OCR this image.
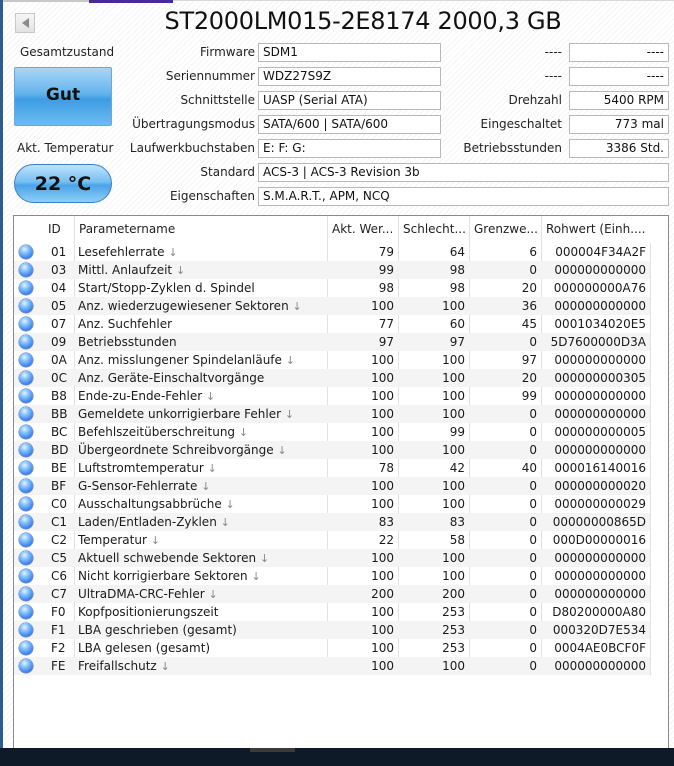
ST2000LM015-2E8174 2000,3 GB
Gesamtzustand
Gut
Akt. Temperatur
22 °C
Firmware SDM1
Seriennummer WDZ27S9Z
Schnittstelle UASP (Serial ATA)
Übertragungsmodus SATA/600 | SATA/600
Laufwerkbuchstaben E: F: G:
Standard ACS-3 | ACS-3 Revision 3b
Eigenschaften S.M.A.R.T., APM, NCQ
----	----
----	----
Drehzahl	5400 RPM
Eingeschaltet	773 mal
Betriebsstunden	3386 Std.
ID	Parametername	Akt. Wer... Schlecht... Grenzwe... Rohwert (Einh....
01 Lesefehlerrate ↓	79	64	6	000004F34A2F
03 Mittl. Anlaufzeit ↓	99	98	0	000000000000
04 Start/Stopp-Zyklen d. Spindel	98	98	20	000000000A76
05 Anz. wiederzugewiesener Sektoren ↓	100	100	36	000000000000
07 Anz. Suchfehler	77	60	45	0001034020E5
09 Betriebsstunden	97	97	0	5D7600000D3A
0A Anz. misslungener Spindelanläufe ↓	100	100	97	000000000000
0C Anz. Geräte-Einschaltvorgänge	100	100	20	000000000305
B8 Ende-zu-Ende-Fehler ↓	100	100	99	000000000000
BB Gemeldete unkorrigierbare Fehler ↓	100	100	0	000000000000
BC Befehlszeitüberschreitung ↓	100	99	0	000000000005
BD Übergeordnete Schreibvorgänge ↓	100	100	0	000000000000
BE Luftstromtemperatur ↓	78	42	40	000016140016
BF G-Sensor-Fehlerrate ↓	100	100	0	000000000020
C0 Ausschaltungsabbrüche ↓	100	100	0	000000000029
C1 Laden/Entladen-Zyklen ↓	83	83	0	00000000865D
C2 Temperatur ↓	22	58	0	000D00000016
C5 Aktuell schwebende Sektoren ↓	100	100	0	000000000000
C6 Nicht korrigierbare Sektoren ↓	100	100	0	000000000000
C7 UltraDMA-CRC-Fehler ↓	200	200	0	000000000000
F0	Kopfpositionierungszeit	100	253	0	D80200000A80
F1	LBA geschrieben (gesamt)	100	253	0	000320D7E534
F2	LBA gelesen (gesamt)	100	253	0	0004AE0BCF0F
FE	Freifallschutz ↓	100	100	0	000000000000
